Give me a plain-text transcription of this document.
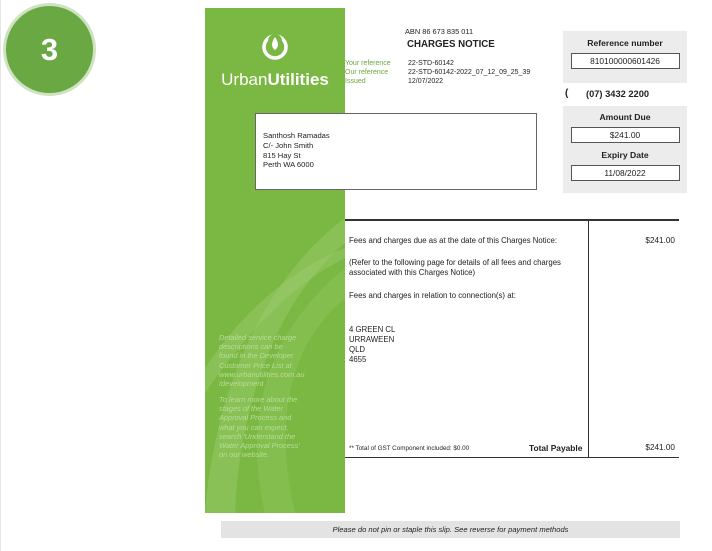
3
UrbanUtilities
Detailed service charge
descriptions can be
found in the Developer
Customer Price List at
www.urbanutilities.com.au
/development
To learn more about the
stages of the Water
Approval Process and
what you can expect,
search 'Understand the
Water Approval Process'
on our website.
ABN 86 673 835 011
CHARGES NOTICE
Your reference	22-STD-60142
Our reference	22-STD-60142-2022_07_12_09_25_39
Issued	12/07/2022
Reference number
810100000601426
( (07) 3432 2200
Amount Due
$241.00
Expiry Date
11/08/2022
Santhosh Ramadas
C/- John Smith
815 Hay St
Perth WA 6000
Fees and charges due as at the date of this Charges Notice:	$241.00
(Refer to the following page for details of all fees and charges
associated with this Charges Notice)
Fees and charges in relation to connection(s) at:
4 GREEN CL
URRAWEEN
QLD
4655
** Total of GST Component included: $0.00	Total Payable	$241.00
Please do not pin or staple this slip. See reverse for payment methods
